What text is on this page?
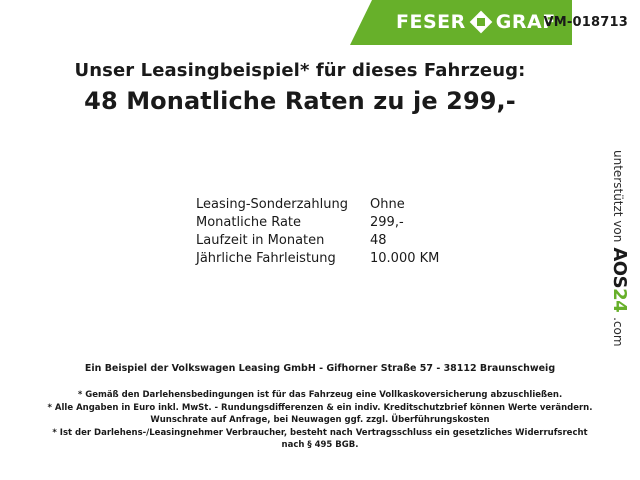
FESER GRAF
VM-018713
Unser Leasingbeispiel* für dieses Fahrzeug:
48 Monatliche Raten zu je 299,-
Leasing-Sonderzahlung	Ohne
Monatliche Rate	299,-
Laufzeit in Monaten	48
Jährliche Fahrleistung	10.000 KM
unterstützt von
AOS24
.com
Ein Beispiel der Volkswagen Leasing GmbH - Gifhorner Straße 57 - 38112 Braunschweig
* Gemäß den Darlehensbedingungen ist für das Fahrzeug eine Vollkaskoversicherung abzuschließen.
* Alle Angaben in Euro inkl. MwSt. - Rundungsdifferenzen & ein indiv. Kreditschutzbrief können Werte verändern.
Wunschrate auf Anfrage, bei Neuwagen ggf. zzgl. Überführungskosten
* Ist der Darlehens-/Leasingnehmer Verbraucher, besteht nach Vertragsschluss ein gesetzliches Widerrufsrecht
nach § 495 BGB.
